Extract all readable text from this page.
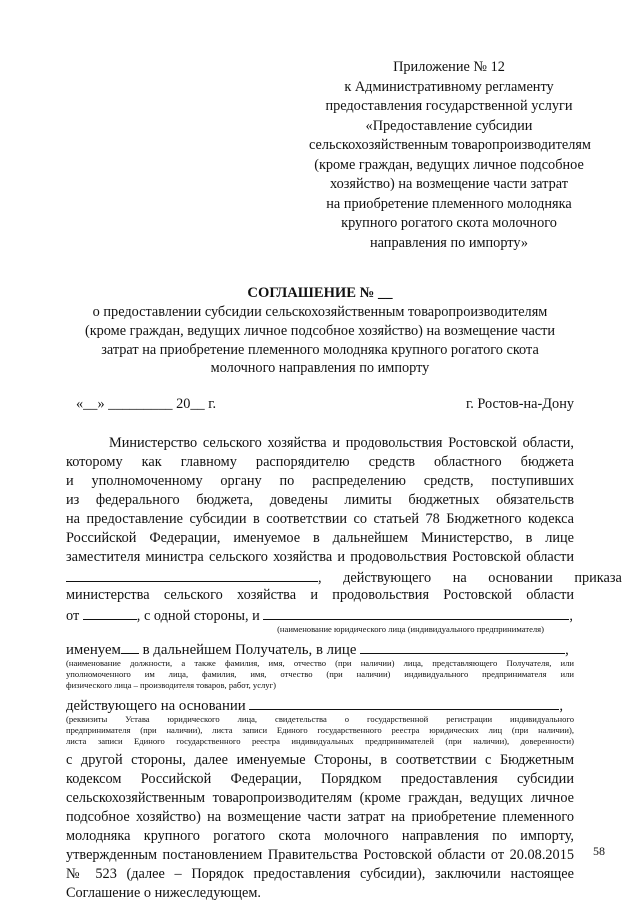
Приложение № 12
к Административному регламенту
предоставления государственной услуги
«Предоставление субсидии
сельскохозяйственным товаропроизводителям
(кроме граждан, ведущих личное подсобное
хозяйство) на возмещение части затрат
на приобретение племенного молодняка
крупного рогатого скота молочного
направления по импорту»
СОГЛАШЕНИЕ № __
о предоставлении субсидии сельскохозяйственным товаропроизводителям
(кроме граждан, ведущих личное подсобное хозяйство) на возмещение части
затрат на приобретение племенного молодняка крупного рогатого скота
молочного направления по импорту
«__» _________ 20__ г.	г. Ростов-на-Дону
Министерство сельского хозяйства и продовольствия Ростовской области,
которому как главному распорядителю средств областного бюджета
и уполномоченному органу по распределению средств, поступивших
из федерального бюджета, доведены лимиты бюджетных обязательств
на предоставление субсидии в соответствии со статьей 78 Бюджетного кодекса
Российской Федерации, именуемое в дальнейшем Министерство, в лице
заместителя министра сельского хозяйства и продовольствия Ростовской области
, действующего на основании приказа
министерства сельского хозяйства и продовольствия Ростовской области
от	, с одной стороны, и	,
(наименование юридического лица (индивидуального предпринимателя)
именуем в дальнейшем Получатель, в лице	,
(наименование должности, а также фамилия, имя, отчество (при наличии) лица, представляющего Получателя, или
уполномоченного им лица, фамилия, имя, отчество (при наличии) индивидуального предпринимателя или
физического лица – производителя товаров, работ, услуг)
действующего на основании	,
(реквизиты Устава юридического лица, свидетельства о государственной регистрации индивидуального
предпринимателя (при наличии), листа записи Единого государственного реестра юридических лиц (при наличии),
листа записи Единого государственного реестра индивидуальных предпринимателей (при наличии), доверенности)
с другой стороны, далее именуемые Стороны, в соответствии с Бюджетным
кодексом Российской Федерации, Порядком предоставления субсидии
сельскохозяйственным товаропроизводителям (кроме граждан, ведущих личное
подсобное хозяйство) на возмещение части затрат на приобретение племенного
молодняка крупного рогатого скота молочного направления по импорту,
утвержденным постановлением Правительства Ростовской области от 20.08.2015
№ 523 (далее – Порядок предоставления субсидии), заключили настоящее
Соглашение о нижеследующем.
58
